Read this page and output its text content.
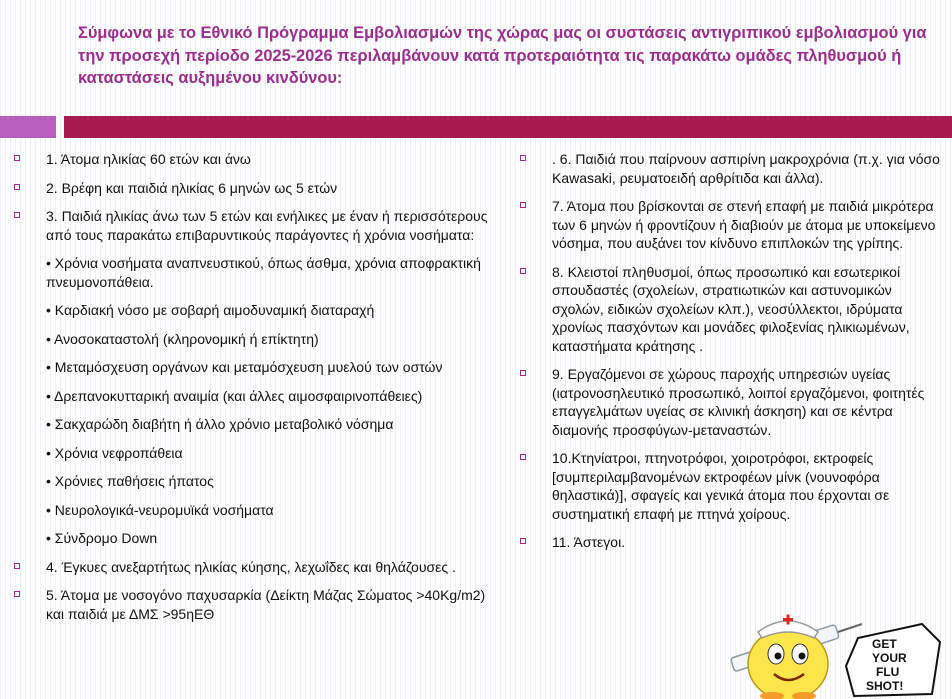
Σύμφωνα με το Εθνικό Πρόγραμμα Εμβολιασμών της χώρας μας οι συστάσεις αντιγριπικού εμβολιασμού για την προσεχή περίοδο 2025-2026 περιλαμβάνουν κατά προτεραιότητα τις παρακάτω ομάδες πληθυσμού ή καταστάσεις αυξημένου κινδύνου:
1. Άτομα ηλικίας 60 ετών και άνω
2. Βρέφη και παιδιά ηλικίας 6 μηνών ως 5 ετών
3. Παιδιά ηλικίας άνω των 5 ετών και ενήλικες με έναν ή περισσότερους από τους παρακάτω επιβαρυντικούς παράγοντες ή χρόνια νοσήματα:
• Χρόνια νοσήματα αναπνευστικού, όπως άσθμα, χρόνια αποφρακτική πνευμονοπάθεια.
• Καρδιακή νόσο με σοβαρή αιμοδυναμική διαταραχή
• Ανοσοκαταστολή (κληρονομική ή επίκτητη)
• Μεταμόσχευση οργάνων και μεταμόσχευση μυελού των οστών
• Δρεπανοκυτταρική αναιμία (και άλλες αιμοσφαιρινοπάθειες)
• Σακχαρώδη διαβήτη ή άλλο χρόνιο μεταβολικό νόσημα
• Χρόνια νεφροπάθεια
• Χρόνιες παθήσεις ήπατος
• Νευρολογικά-νευρομυϊκά νοσήματα
• Σύνδρομο Down
4. Έγκυες ανεξαρτήτως ηλικίας κύησης, λεχωΐδες και θηλάζουσες .
5. Άτομα με νοσογόνο παχυσαρκία (Δείκτη Μάζας Σώματος >40Kg/m2) και παιδιά με ΔΜΣ >95ηΕΘ
. 6. Παιδιά που παίρνουν ασπιρίνη μακροχρόνια (π.χ. για νόσο Kawasaki, ρευματοειδή αρθρίτιδα και άλλα).
7. Άτομα που βρίσκονται σε στενή επαφή με παιδιά μικρότερα των 6 μηνών ή φροντίζουν ή διαβιούν με άτομα με υποκείμενο νόσημα, που αυξάνει τον κίνδυνο επιπλοκών της γρίπης.
8. Κλειστοί πληθυσμοί, όπως προσωπικό και εσωτερικοί σπουδαστές (σχολείων, στρατιωτικών και αστυνομικών σχολών, ειδικών σχολείων κλπ.), νεοσύλλεκτοι, ιδρύματα χρονίως πασχόντων και μονάδες φιλοξενίας ηλικιωμένων, καταστήματα κράτησης .
9. Εργαζόμενοι σε χώρους παροχής υπηρεσιών υγείας (ιατρονοσηλευτικό προσωπικό, λοιποί εργαζόμενοι, φοιτητές επαγγελμάτων υγείας σε κλινική άσκηση) και σε κέντρα διαμονής προσφύγων-μεταναστών.
10.Κτηνίατροι, πτηνοτρόφοι, χοιροτρόφοι, εκτροφείς [συμπεριλαμβανομένων εκτροφέων μίνκ (νουνοφόρα θηλαστικά)], σφαγείς και γενικά άτομα που έρχονται σε συστηματική επαφή με πτηνά χοίρους.
11. Άστεγοι.
GET
YOUR
FLU
SHOT!
